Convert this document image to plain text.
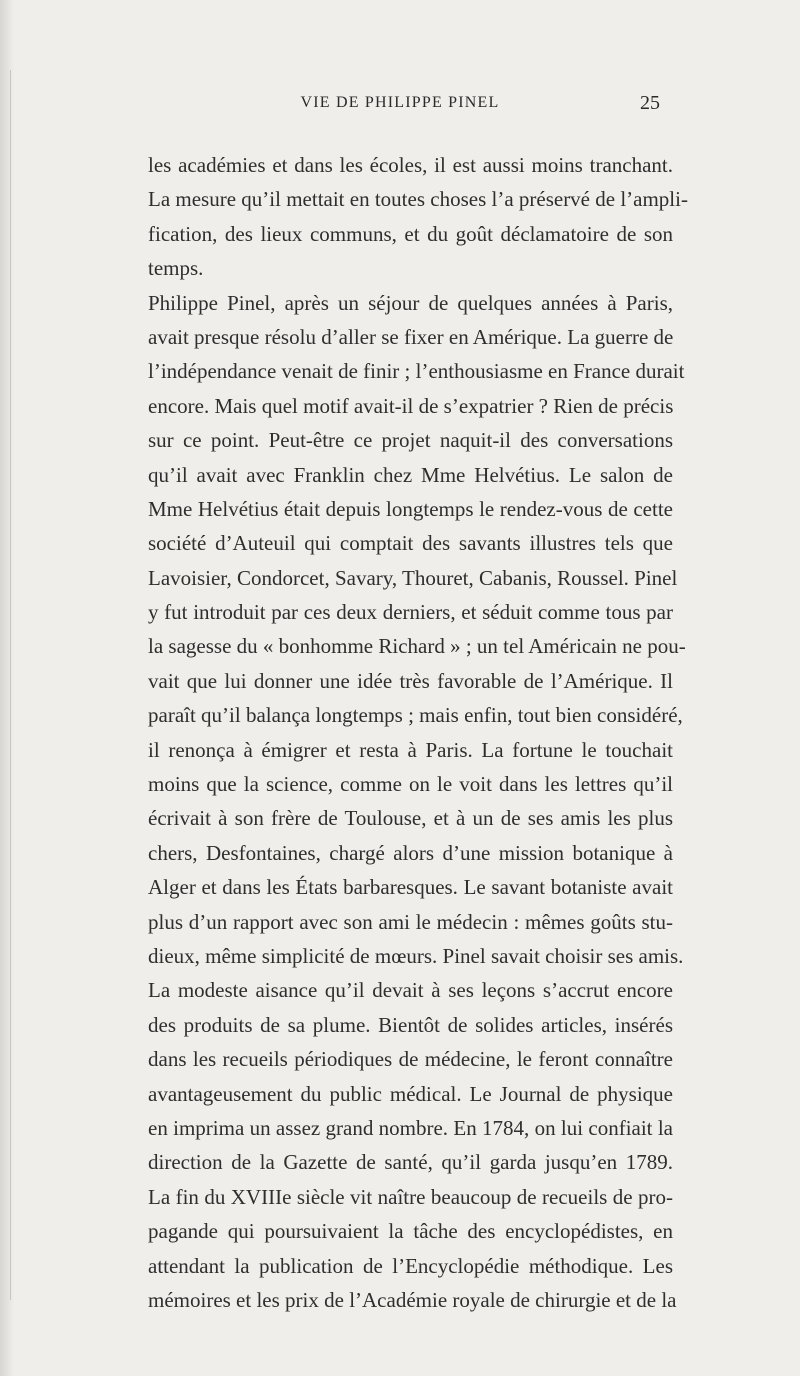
VIE DE PHILIPPE PINEL	25
les académies et dans les écoles, il est aussi moins tranchant.
La mesure qu’il mettait en toutes choses l’a préservé de l’ampli-
fication, des lieux communs, et du goût déclamatoire de son
temps.
Philippe Pinel, après un séjour de quelques années à Paris,
avait presque résolu d’aller se fixer en Amérique. La guerre de
l’indépendance venait de finir ; l’enthousiasme en France durait
encore. Mais quel motif avait-il de s’expatrier ? Rien de précis
sur ce point. Peut-être ce projet naquit-il des conversations
qu’il avait avec Franklin chez Mme Helvétius. Le salon de
Mme Helvétius était depuis longtemps le rendez-vous de cette
société d’Auteuil qui comptait des savants illustres tels que
Lavoisier, Condorcet, Savary, Thouret, Cabanis, Roussel. Pinel
y fut introduit par ces deux derniers, et séduit comme tous par
la sagesse du « bonhomme Richard » ; un tel Américain ne pou-
vait que lui donner une idée très favorable de l’Amérique. Il
paraît qu’il balança longtemps ; mais enfin, tout bien considéré,
il renonça à émigrer et resta à Paris. La fortune le touchait
moins que la science, comme on le voit dans les lettres qu’il
écrivait à son frère de Toulouse, et à un de ses amis les plus
chers, Desfontaines, chargé alors d’une mission botanique à
Alger et dans les États barbaresques. Le savant botaniste avait
plus d’un rapport avec son ami le médecin : mêmes goûts stu-
dieux, même simplicité de mœurs. Pinel savait choisir ses amis.
La modeste aisance qu’il devait à ses leçons s’accrut encore
des produits de sa plume. Bientôt de solides articles, insérés
dans les recueils périodiques de médecine, le feront connaître
avantageusement du public médical. Le Journal de physique
en imprima un assez grand nombre. En 1784, on lui confiait la
direction de la Gazette de santé, qu’il garda jusqu’en 1789.
La fin du XVIIIe siècle vit naître beaucoup de recueils de pro-
pagande qui poursuivaient la tâche des encyclopédistes, en
attendant la publication de l’Encyclopédie méthodique. Les
mémoires et les prix de l’Académie royale de chirurgie et de la
